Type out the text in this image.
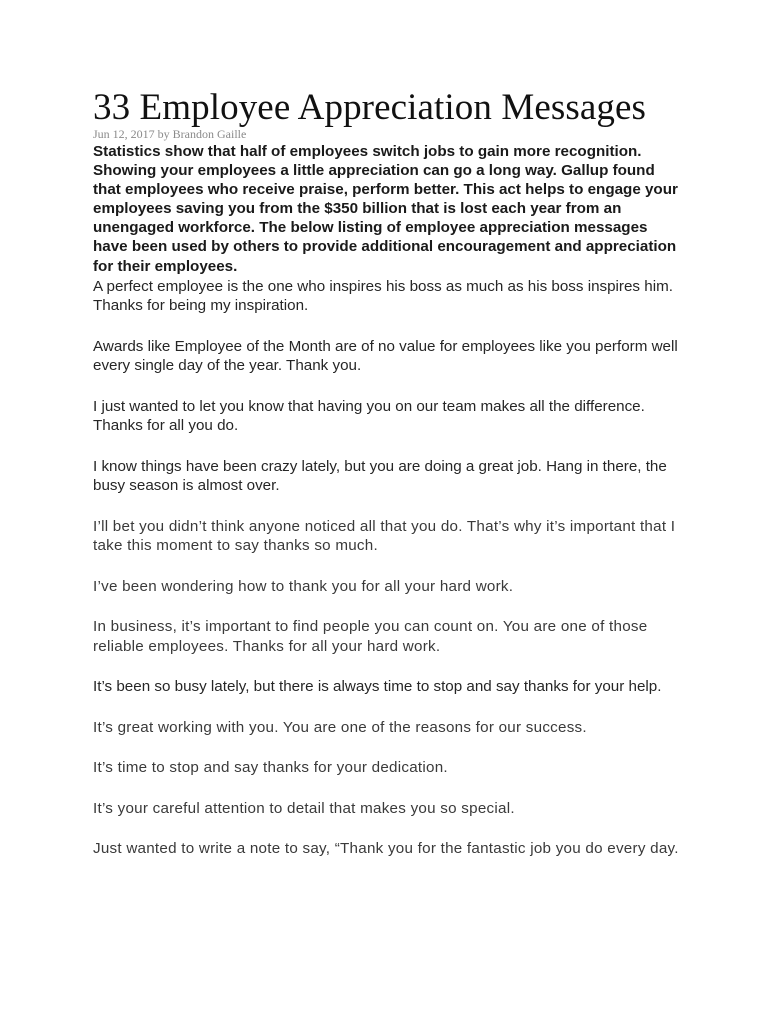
33 Employee Appreciation Messages
Jun 12, 2017 by Brandon Gaille

Statistics show that half of employees switch jobs to gain more recognition. Showing your employees a little appreciation can go a long way. Gallup found that employees who receive praise, perform better. This act helps to engage your employees saving you from the $350 billion that is lost each year from an unengaged workforce. The below listing of employee appreciation messages have been used by others to provide additional encouragement and appreciation for their employees.

A perfect employee is the one who inspires his boss as much as his boss inspires him. Thanks for being my inspiration.
Awards like Employee of the Month are of no value for employees like you perform well every single day of the year. Thank you.
I just wanted to let you know that having you on our team makes all the difference. Thanks for all you do.
I know things have been crazy lately, but you are doing a great job. Hang in there, the busy season is almost over.
I’ll bet you didn’t think anyone noticed all that you do. That’s why it’s important that I take this moment to say thanks so much.
I’ve been wondering how to thank you for all your hard work.
In business, it’s important to find people you can count on. You are one of those reliable employees. Thanks for all your hard work.
It’s been so busy lately, but there is always time to stop and say thanks for your help.
It’s great working with you. You are one of the reasons for our success.
It’s time to stop and say thanks for your dedication.
It’s your careful attention to detail that makes you so special.
Just wanted to write a note to say, “Thank you for the fantastic job you do every day.
